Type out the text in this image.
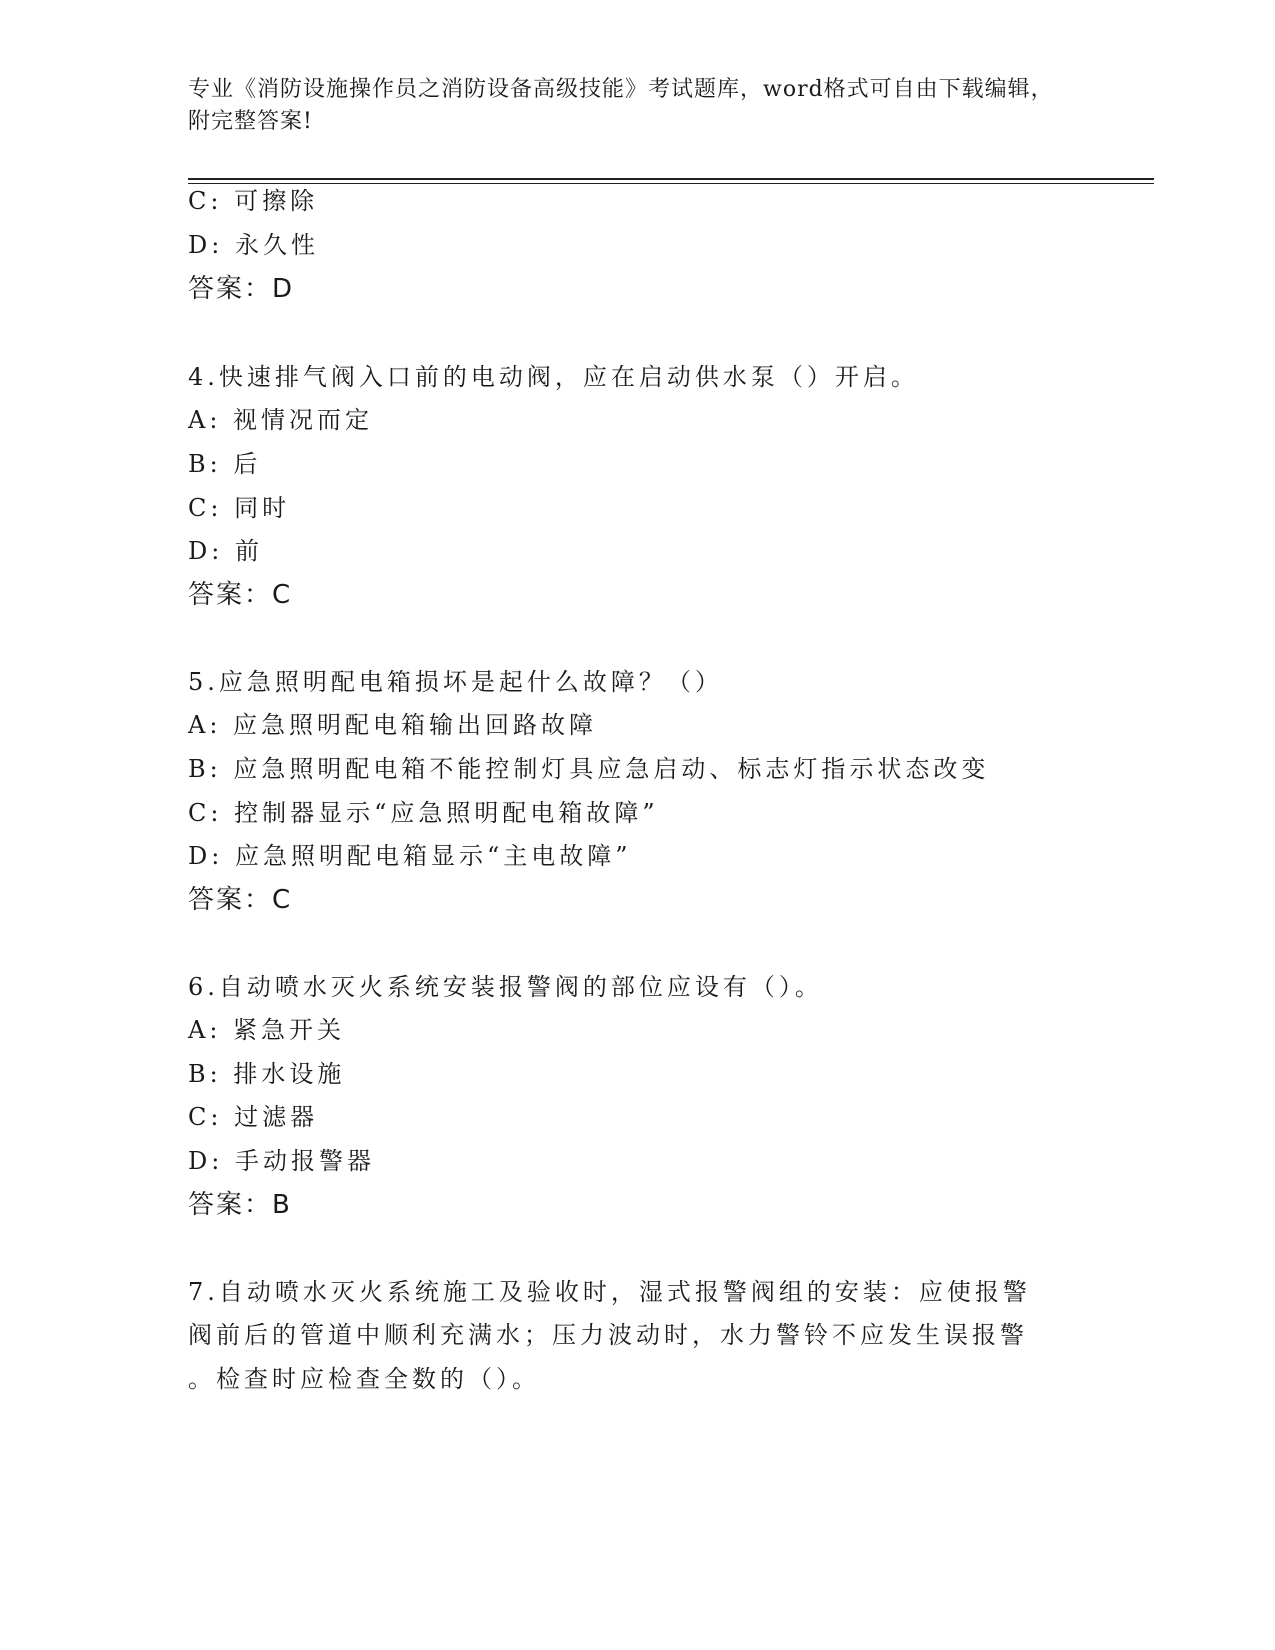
专业《消防设施操作员之消防设备高级技能》考试题库，word格式可自由下载编辑，附完整答案!
C: 可擦除
D: 永久性
答案：D
4.快速排气阀入口前的电动阀，应在启动供水泵（）开启。
A: 视情况而定
B: 后
C: 同时
D: 前
答案：C
5.应急照明配电箱损坏是起什么故障？（）
A: 应急照明配电箱输出回路故障
B: 应急照明配电箱不能控制灯具应急启动、标志灯指示状态改变
C: 控制器显示“应急照明配电箱故障”
D: 应急照明配电箱显示“主电故障”
答案：C
6.自动喷水灭火系统安装报警阀的部位应设有（）。
A: 紧急开关
B: 排水设施
C: 过滤器
D: 手动报警器
答案：B
7.自动喷水灭火系统施工及验收时，湿式报警阀组的安装：应使报警
阀前后的管道中顺利充满水；压力波动时，水力警铃不应发生误报警
。检查时应检查全数的（）。
